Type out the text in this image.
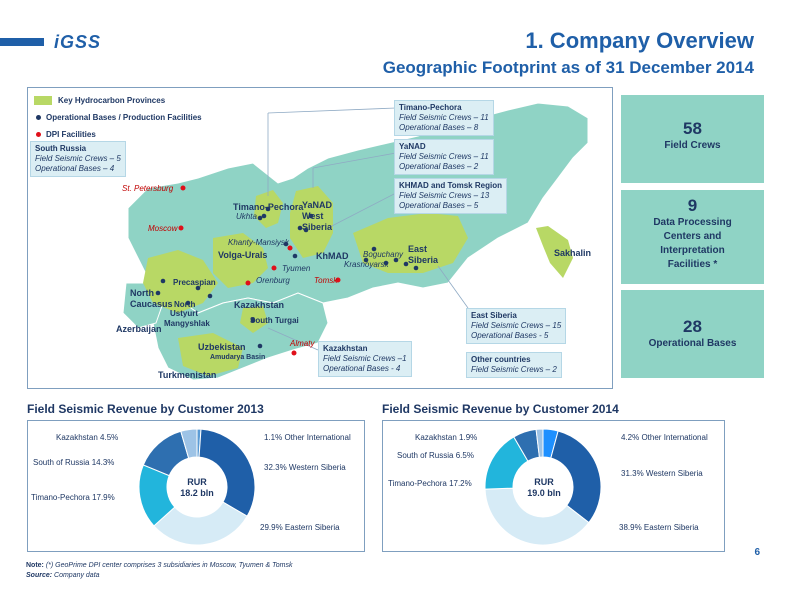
iGSS	1. Company Overview
Geographic Footprint as of 31 December 2014
Key Hydrocarbon Provinces
Operational Bases / Production Facilities
DPI Facilities
South Russia
Field Seismic Crews – 5
Operational Bases – 4
Timano-Pechora
Field Seismic Crews – 11
Operational Bases – 8
YaNAD
Field Seismic Crews – 11
Operational Bases – 2
KHMAD and Tomsk Region
Field Seismic Crews – 13
Operational Bases – 5
East Siberia
Field Seismic Crews – 15
Operational Bases - 5
Other countries
Field Seismic Crews – 2
Kazakhstan
Field Seismic Crews –1
Operational Bases - 4
Timano-Pechora
YaNAD
West
Siberia
Volga-Urals	KhMAD
East
Siberia
Sakhalin
Precaspian
North
Caucasus North
Ustyurt
Mangyshlak
Kazakhstan
South Turgai
Azerbaijan
Uzbekistan
Amudarya Basin
Turkmenistan
St. Petersburg
Moscow
Ukhta
Khanty-Mansiysk
Tyumen
Orenburg	Tomsk
Krasnoyarsk
Boguchany
Almaty
58
Field Crews
9
Data Processing
Centers and
Interpretation
Facilities *
28
Operational Bases
Field Seismic Revenue by Customer 2013
RUR
18.2 bln
Kazakhstan 4.5%
South of Russia 14.3%
Timano-Pechora 17.9%
1.1% Other International
32.3% Western Siberia
29.9% Eastern Siberia
Field Seismic Revenue by Customer 2014
RUR
19.0 bln
Kazakhstan 1.9%
South of Russia 6.5%
Timano-Pechora 17.2%
4.2% Other International
31.3% Western Siberia
38.9% Eastern Siberia
6
Note: (*) GeoPrime DPI center comprises 3 subsidiaries in Moscow, Tyumen & Tomsk
Source: Company data
